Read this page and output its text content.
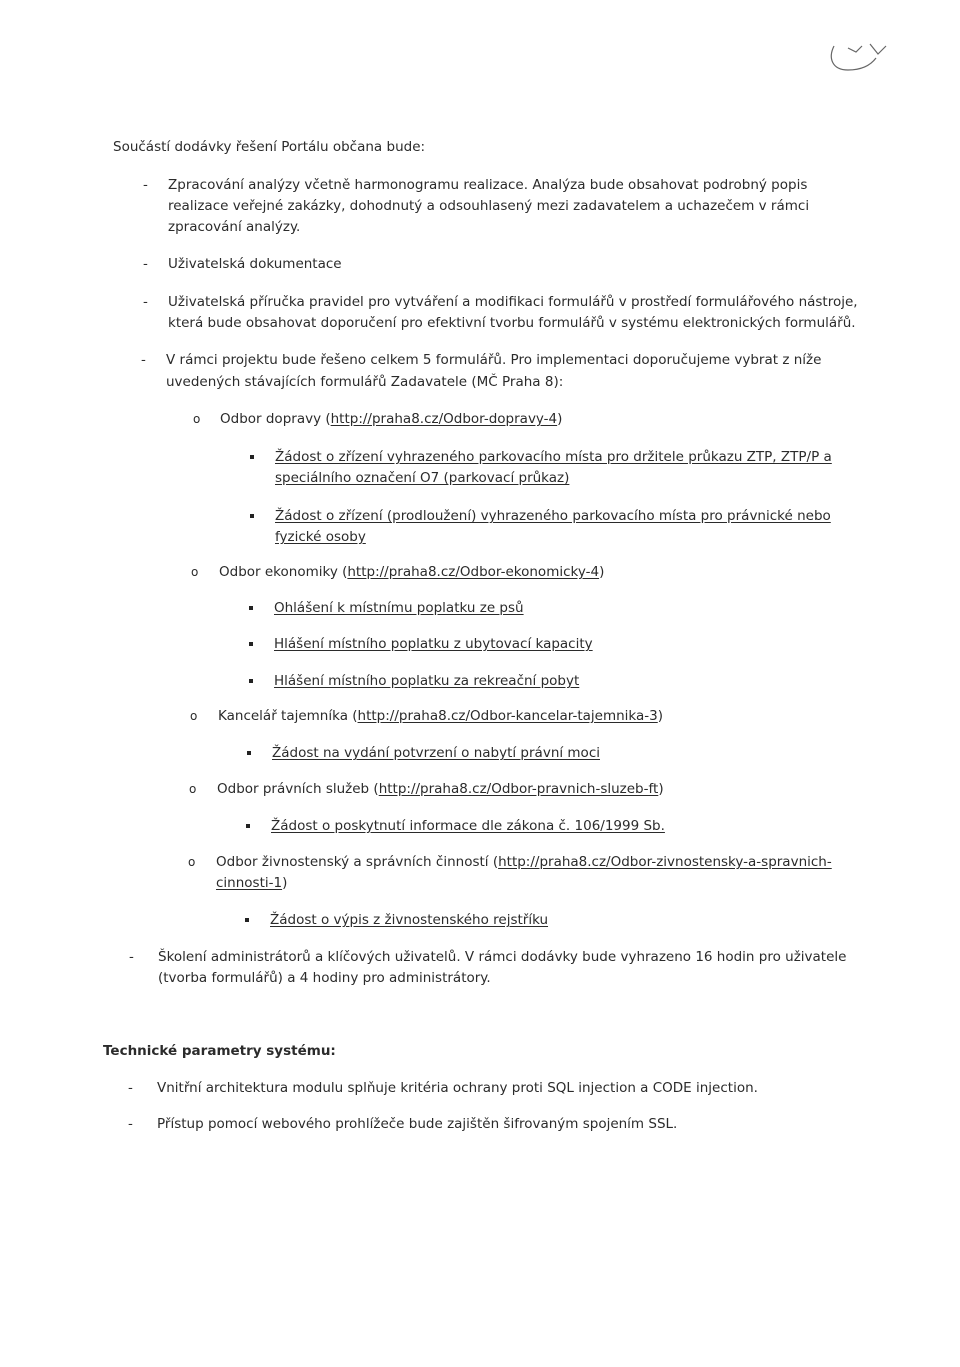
Součástí dodávky řešení Portálu občana bude:
- Zpracování analýzy včetně harmonogramu realizace. Analýza bude obsahovat podrobný popis
realizace veřejné zakázky, dohodnutý a odsouhlasený mezi zadavatelem a uchazečem v rámci
zpracování analýzy.
- Uživatelská dokumentace
- Uživatelská příručka pravidel pro vytváření a modifikaci formulářů v prostředí formulářového nástroje,
která bude obsahovat doporučení pro efektivní tvorbu formulářů v systému elektronických formulářů.
- V rámci projektu bude řešeno celkem 5 formulářů. Pro implementaci doporučujeme vybrat z níže
uvedených stávajících formulářů Zadavatele (MČ Praha 8):
o Odbor dopravy (http://praha8.cz/Odbor-dopravy-4)
Žádost o zřízení vyhrazeného parkovacího místa pro držitele průkazu ZTP, ZTP/P a
speciálního označení O7 (parkovací průkaz)
Žádost o zřízení (prodloužení) vyhrazeného parkovacího místa pro právnické nebo
fyzické osoby
o Odbor ekonomiky (http://praha8.cz/Odbor-ekonomicky-4)
Ohlášení k místnímu poplatku ze psů
Hlášení místního poplatku z ubytovací kapacity
Hlášení místního poplatku za rekreační pobyt
o Kancelář tajemníka (http://praha8.cz/Odbor-kancelar-tajemnika-3)
Žádost na vydání potvrzení o nabytí právní moci
o Odbor právních služeb (http://praha8.cz/Odbor-pravnich-sluzeb-ft)
Žádost o poskytnutí informace dle zákona č. 106/1999 Sb.
o Odbor živnostenský a správních činností (http://praha8.cz/Odbor-zivnostensky-a-spravnich-
cinnosti-1)
Žádost o výpis z živnostenského rejstříku
- Školení administrátorů a klíčových uživatelů. V rámci dodávky bude vyhrazeno 16 hodin pro uživatele
(tvorba formulářů) a 4 hodiny pro administrátory.
Technické parametry systému:
- Vnitřní architektura modulu splňuje kritéria ochrany proti SQL injection a CODE injection.
- Přístup pomocí webového prohlížeče bude zajištěn šifrovaným spojením SSL.
